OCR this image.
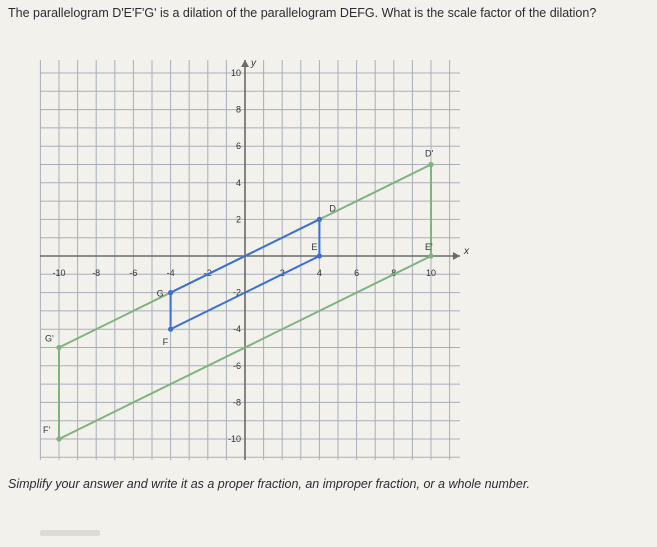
The parallelogram D'E'F'G' is a dilation of the parallelogram DEFG. What is the scale factor of the dilation?
x
y
-10	-8	-6	-4	-2	2	4	6	8	10
10
8
6
4
2
-2
-4
-6
-8
-10
D'
E'
F'
G'
D
E
F
G
Simplify your answer and write it as a proper fraction, an improper fraction, or a whole number.
